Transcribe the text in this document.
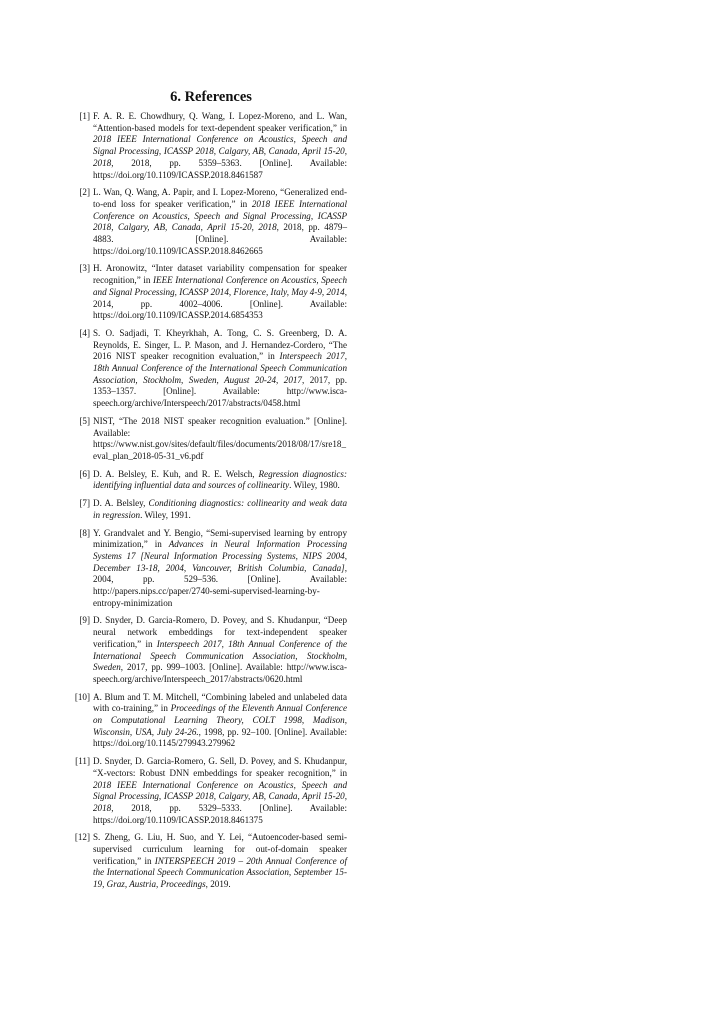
6. References
[1] F. A. R. E. Chowdhury, Q. Wang, I. Lopez-Moreno, and L. Wan, “Attention-based models for text-dependent speaker verification,” in 2018 IEEE International Conference on Acoustics, Speech and Signal Processing, ICASSP 2018, Calgary, AB, Canada, April 15-20, 2018, 2018, pp. 5359–5363. [Online]. Available: https://doi.org/10.1109/ICASSP.2018.8461587
[2] L. Wan, Q. Wang, A. Papir, and I. Lopez-Moreno, “Generalized end-to-end loss for speaker verification,” in 2018 IEEE International Conference on Acoustics, Speech and Signal Processing, ICASSP 2018, Calgary, AB, Canada, April 15-20, 2018, 2018, pp. 4879–4883. [Online]. Available: https://doi.org/10.1109/ICASSP.2018.8462665
[3] H. Aronowitz, “Inter dataset variability compensation for speaker recognition,” in IEEE International Conference on Acoustics, Speech and Signal Processing, ICASSP 2014, Florence, Italy, May 4-9, 2014, 2014, pp. 4002–4006. [Online]. Available: https://doi.org/10.1109/ICASSP.2014.6854353
[4] S. O. Sadjadi, T. Kheyrkhah, A. Tong, C. S. Greenberg, D. A. Reynolds, E. Singer, L. P. Mason, and J. Hernandez-Cordero, “The 2016 NIST speaker recognition evaluation,” in Interspeech 2017, 18th Annual Conference of the International Speech Communication Association, Stockholm, Sweden, August 20-24, 2017, 2017, pp. 1353–1357. [Online]. Available: http://www.isca-speech.org/archive/Interspeech/2017/abstracts/0458.html
[5] NIST, “The 2018 NIST speaker recognition evaluation.” [Online]. Available: https://www.nist.gov/sites/default/files/documents/2018/08/17/sre18_eval_plan_2018-05-31_v6.pdf
[6] D. A. Belsley, E. Kuh, and R. E. Welsch, Regression diagnostics: identifying influential data and sources of collinearity. Wiley, 1980.
[7] D. A. Belsley, Conditioning diagnostics: collinearity and weak data in regression. Wiley, 1991.
[8] Y. Grandvalet and Y. Bengio, “Semi-supervised learning by entropy minimization,” in Advances in Neural Information Processing Systems 17 [Neural Information Processing Systems, NIPS 2004, December 13-18, 2004, Vancouver, British Columbia, Canada], 2004, pp. 529–536. [Online]. Available: http://papers.nips.cc/paper/2740-semi-supervised-learning-by-entropy-minimization
[9] D. Snyder, D. Garcia-Romero, D. Povey, and S. Khudanpur, “Deep neural network embeddings for text-independent speaker verification,” in Interspeech 2017, 18th Annual Conference of the International Speech Communication Association, Stockholm, Sweden, 2017, pp. 999–1003. [Online]. Available: http://www.isca-speech.org/archive/Interspeech_2017/abstracts/0620.html
[10] A. Blum and T. M. Mitchell, “Combining labeled and unlabeled data with co-training,” in Proceedings of the Eleventh Annual Conference on Computational Learning Theory, COLT 1998, Madison, Wisconsin, USA, July 24-26., 1998, pp. 92–100. [Online]. Available: https://doi.org/10.1145/279943.279962
[11] D. Snyder, D. Garcia-Romero, G. Sell, D. Povey, and S. Khudanpur, “X-vectors: Robust DNN embeddings for speaker recognition,” in 2018 IEEE International Conference on Acoustics, Speech and Signal Processing, ICASSP 2018, Calgary, AB, Canada, April 15-20, 2018, 2018, pp. 5329–5333. [Online]. Available: https://doi.org/10.1109/ICASSP.2018.8461375
[12] S. Zheng, G. Liu, H. Suo, and Y. Lei, “Autoencoder-based semi-supervised curriculum learning for out-of-domain speaker verification,” in INTERSPEECH 2019 – 20th Annual Conference of the International Speech Communication Association, September 15-19, Graz, Austria, Proceedings, 2019.
